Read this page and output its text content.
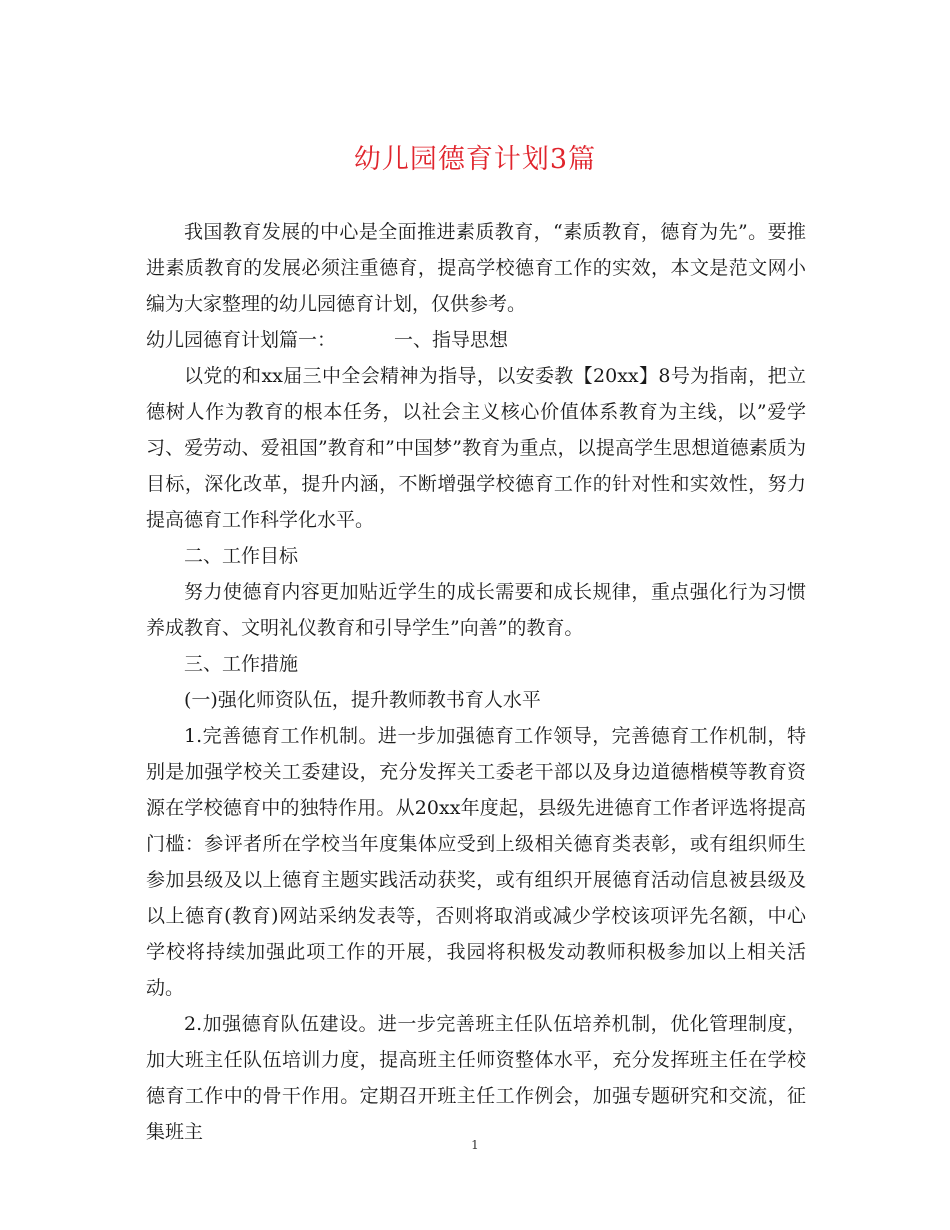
幼儿园德育计划3篇

我国教育发展的中心是全面推进素质教育，“素质教育，德育为先”。要推进素质教育的发展必须注重德育，提高学校德育工作的实效，本文是范文网小编为大家整理的幼儿园德育计划，仅供参考。

幼儿园德育计划篇一：	一、指导思想

以党的和xx届三中全会精神为指导，以安委教【20xx】8号为指南，把立德树人作为教育的根本任务，以社会主义核心价值体系教育为主线，以”爱学习、爱劳动、爱祖国”教育和”中国梦”教育为重点，以提高学生思想道德素质为目标，深化改革，提升内涵，不断增强学校德育工作的针对性和实效性，努力提高德育工作科学化水平。

二、工作目标

努力使德育内容更加贴近学生的成长需要和成长规律，重点强化行为习惯养成教育、文明礼仪教育和引导学生”向善”的教育。

三、工作措施

(一)强化师资队伍，提升教师教书育人水平

1.完善德育工作机制。进一步加强德育工作领导，完善德育工作机制，特别是加强学校关工委建设，充分发挥关工委老干部以及身边道德楷模等教育资源在学校德育中的独特作用。从20xx年度起，县级先进德育工作者评选将提高门槛：参评者所在学校当年度集体应受到上级相关德育类表彰，或有组织师生参加县级及以上德育主题实践活动获奖，或有组织开展德育活动信息被县级及以上德育(教育)网站采纳发表等，否则将取消或减少学校该项评先名额，中心学校将持续加强此项工作的开展，我园将积极发动教师积极参加以上相关活动。

2.加强德育队伍建设。进一步完善班主任队伍培养机制，优化管理制度，加大班主任队伍培训力度，提高班主任师资整体水平，充分发挥班主任在学校德育工作中的骨干作用。定期召开班主任工作例会，加强专题研究和交流，征集班主

1
